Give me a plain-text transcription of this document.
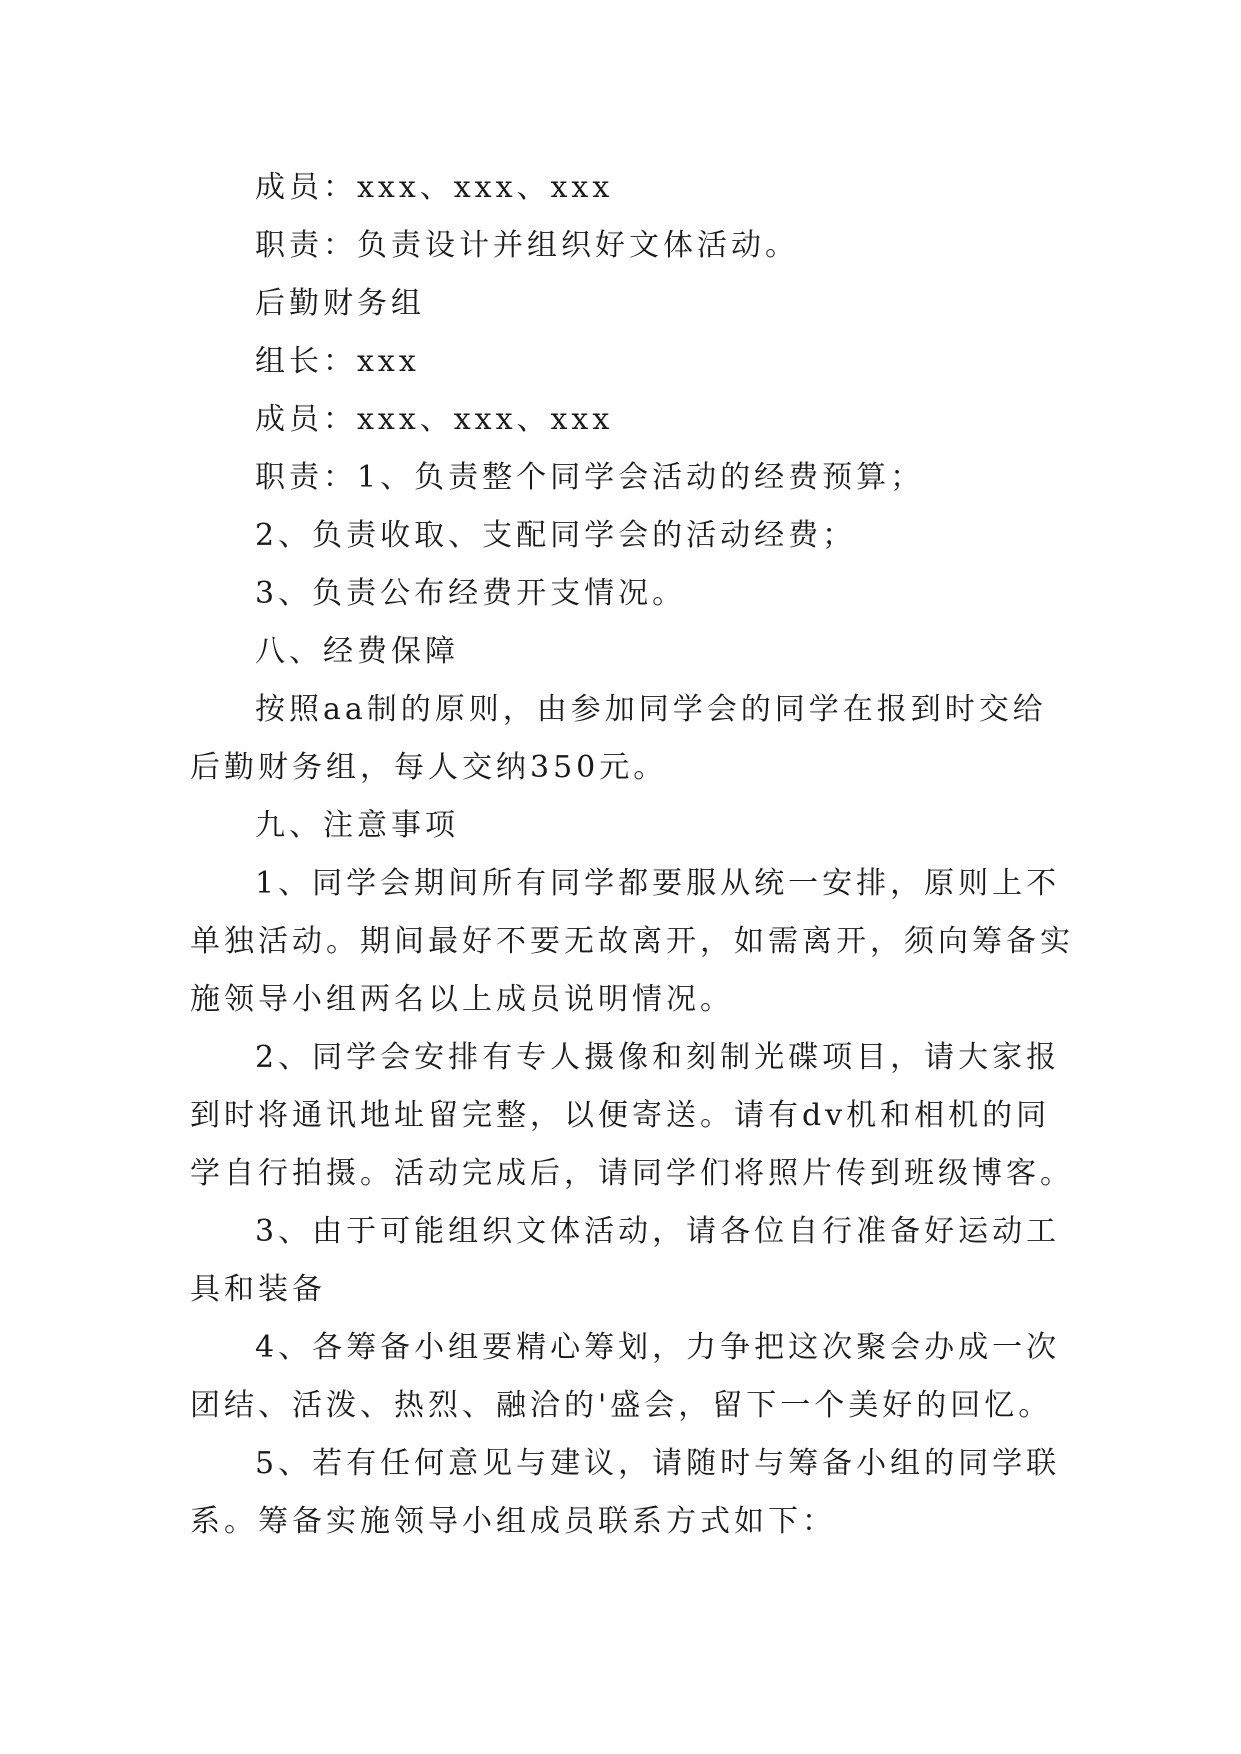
成员：xxx、xxx、xxx
职责：负责设计并组织好文体活动。
后勤财务组
组长：xxx
成员：xxx、xxx、xxx
职责：1、负责整个同学会活动的经费预算；
2、负责收取、支配同学会的活动经费；
3、负责公布经费开支情况。
八、经费保障
按照aa制的原则，由参加同学会的同学在报到时交给
后勤财务组，每人交纳350元。
九、注意事项
1、同学会期间所有同学都要服从统一安排，原则上不
单独活动。期间最好不要无故离开，如需离开，须向筹备实
施领导小组两名以上成员说明情况。
2、同学会安排有专人摄像和刻制光碟项目，请大家报
到时将通讯地址留完整，以便寄送。请有dv机和相机的同
学自行拍摄。活动完成后，请同学们将照片传到班级博客。
3、由于可能组织文体活动，请各位自行准备好运动工
具和装备
4、各筹备小组要精心筹划，力争把这次聚会办成一次
团结、活泼、热烈、融洽的'盛会，留下一个美好的回忆。
5、若有任何意见与建议，请随时与筹备小组的同学联
系。筹备实施领导小组成员联系方式如下：
